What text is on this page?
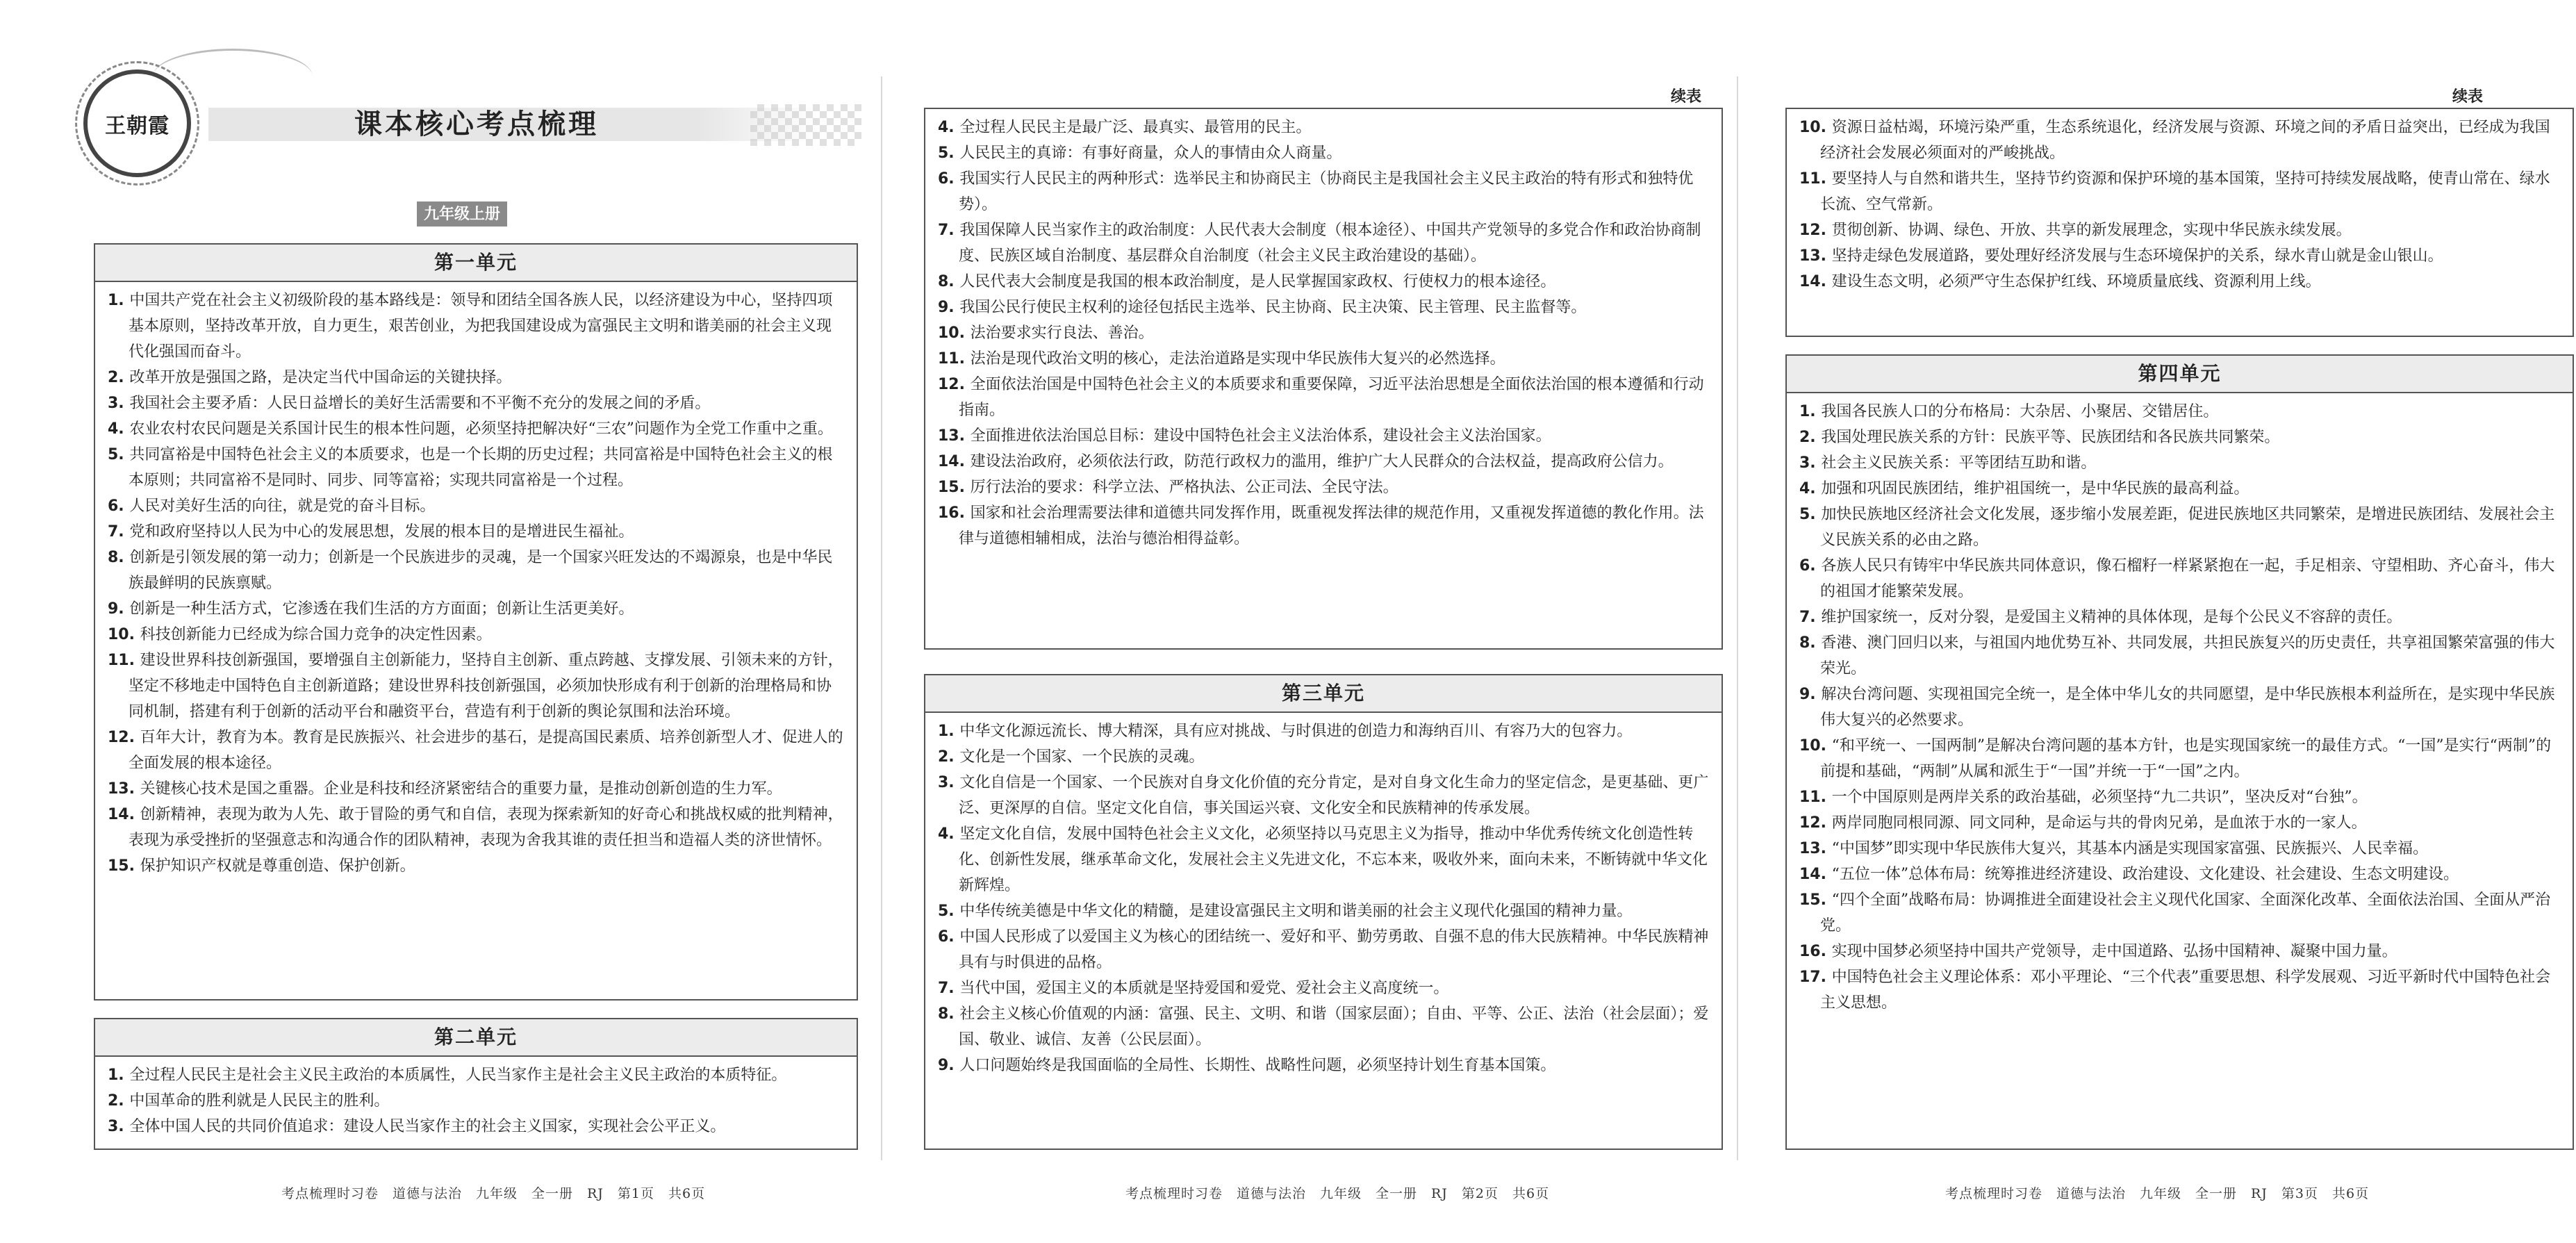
王朝霞	课本核心考点梳理
九年级上册
第一单元
1. 中国共产党在社会主义初级阶段的基本路线是：领导和团结全国各族人民，以经济建设为中心，坚持四项基本原则，坚持改革开放，自力更生，艰苦创业，为把我国建设成为富强民主文明和谐美丽的社会主义现代化强国而奋斗。
2. 改革开放是强国之路，是决定当代中国命运的关键抉择。
3. 我国社会主要矛盾：人民日益增长的美好生活需要和不平衡不充分的发展之间的矛盾。
4. 农业农村农民问题是关系国计民生的根本性问题，必须坚持把解决好“三农”问题作为全党工作重中之重。
5. 共同富裕是中国特色社会主义的本质要求，也是一个长期的历史过程；共同富裕是中国特色社会主义的根本原则；共同富裕不是同时、同步、同等富裕；实现共同富裕是一个过程。
6. 人民对美好生活的向往，就是党的奋斗目标。
7. 党和政府坚持以人民为中心的发展思想，发展的根本目的是增进民生福祉。
8. 创新是引领发展的第一动力；创新是一个民族进步的灵魂，是一个国家兴旺发达的不竭源泉，也是中华民族最鲜明的民族禀赋。
9. 创新是一种生活方式，它渗透在我们生活的方方面面；创新让生活更美好。
10. 科技创新能力已经成为综合国力竞争的决定性因素。
11. 建设世界科技创新强国，要增强自主创新能力，坚持自主创新、重点跨越、支撑发展、引领未来的方针，坚定不移地走中国特色自主创新道路；建设世界科技创新强国，必须加快形成有利于创新的治理格局和协同机制，搭建有利于创新的活动平台和融资平台，营造有利于创新的舆论氛围和法治环境。
12. 百年大计，教育为本。教育是民族振兴、社会进步的基石，是提高国民素质、培养创新型人才、促进人的全面发展的根本途径。
13. 关键核心技术是国之重器。企业是科技和经济紧密结合的重要力量，是推动创新创造的生力军。
14. 创新精神，表现为敢为人先、敢于冒险的勇气和自信，表现为探索新知的好奇心和挑战权威的批判精神，表现为承受挫折的坚强意志和沟通合作的团队精神，表现为舍我其谁的责任担当和造福人类的济世情怀。
15. 保护知识产权就是尊重创造、保护创新。
第二单元
1. 全过程人民民主是社会主义民主政治的本质属性，人民当家作主是社会主义民主政治的本质特征。
2. 中国革命的胜利就是人民民主的胜利。
3. 全体中国人民的共同价值追求：建设人民当家作主的社会主义国家，实现社会公平正义。
考点梳理时习卷　道德与法治　九年级　全一册　RJ　第1页　共6页
续表
4. 全过程人民民主是最广泛、最真实、最管用的民主。
5. 人民民主的真谛：有事好商量，众人的事情由众人商量。
6. 我国实行人民民主的两种形式：选举民主和协商民主（协商民主是我国社会主义民主政治的特有形式和独特优势）。
7. 我国保障人民当家作主的政治制度：人民代表大会制度（根本途径）、中国共产党领导的多党合作和政治协商制度、民族区域自治制度、基层群众自治制度（社会主义民主政治建设的基础）。
8. 人民代表大会制度是我国的根本政治制度，是人民掌握国家政权、行使权力的根本途径。
9. 我国公民行使民主权利的途径包括民主选举、民主协商、民主决策、民主管理、民主监督等。
10. 法治要求实行良法、善治。
11. 法治是现代政治文明的核心，走法治道路是实现中华民族伟大复兴的必然选择。
12. 全面依法治国是中国特色社会主义的本质要求和重要保障，习近平法治思想是全面依法治国的根本遵循和行动指南。
13. 全面推进依法治国总目标：建设中国特色社会主义法治体系，建设社会主义法治国家。
14. 建设法治政府，必须依法行政，防范行政权力的滥用，维护广大人民群众的合法权益，提高政府公信力。
15. 厉行法治的要求：科学立法、严格执法、公正司法、全民守法。
16. 国家和社会治理需要法律和道德共同发挥作用，既重视发挥法律的规范作用，又重视发挥道德的教化作用。法律与道德相辅相成，法治与德治相得益彰。
第三单元
1. 中华文化源远流长、博大精深，具有应对挑战、与时俱进的创造力和海纳百川、有容乃大的包容力。
2. 文化是一个国家、一个民族的灵魂。
3. 文化自信是一个国家、一个民族对自身文化价值的充分肯定，是对自身文化生命力的坚定信念，是更基础、更广泛、更深厚的自信。坚定文化自信，事关国运兴衰、文化安全和民族精神的传承发展。
4. 坚定文化自信，发展中国特色社会主义文化，必须坚持以马克思主义为指导，推动中华优秀传统文化创造性转化、创新性发展，继承革命文化，发展社会主义先进文化，不忘本来，吸收外来，面向未来，不断铸就中华文化新辉煌。
5. 中华传统美德是中华文化的精髓，是建设富强民主文明和谐美丽的社会主义现代化强国的精神力量。
6. 中国人民形成了以爱国主义为核心的团结统一、爱好和平、勤劳勇敢、自强不息的伟大民族精神。中华民族精神具有与时俱进的品格。
7. 当代中国，爱国主义的本质就是坚持爱国和爱党、爱社会主义高度统一。
8. 社会主义核心价值观的内涵：富强、民主、文明、和谐（国家层面）；自由、平等、公正、法治（社会层面）；爱国、敬业、诚信、友善（公民层面）。
9. 人口问题始终是我国面临的全局性、长期性、战略性问题，必须坚持计划生育基本国策。
考点梳理时习卷　道德与法治　九年级　全一册　RJ　第2页　共6页
续表
10. 资源日益枯竭，环境污染严重，生态系统退化，经济发展与资源、环境之间的矛盾日益突出，已经成为我国经济社会发展必须面对的严峻挑战。
11. 要坚持人与自然和谐共生，坚持节约资源和保护环境的基本国策，坚持可持续发展战略，使青山常在、绿水长流、空气常新。
12. 贯彻创新、协调、绿色、开放、共享的新发展理念，实现中华民族永续发展。
13. 坚持走绿色发展道路，要处理好经济发展与生态环境保护的关系，绿水青山就是金山银山。
14. 建设生态文明，必须严守生态保护红线、环境质量底线、资源利用上线。
第四单元
1. 我国各民族人口的分布格局：大杂居、小聚居、交错居住。
2. 我国处理民族关系的方针：民族平等、民族团结和各民族共同繁荣。
3. 社会主义民族关系：平等团结互助和谐。
4. 加强和巩固民族团结，维护祖国统一，是中华民族的最高利益。
5. 加快民族地区经济社会文化发展，逐步缩小发展差距，促进民族地区共同繁荣，是增进民族团结、发展社会主义民族关系的必由之路。
6. 各族人民只有铸牢中华民族共同体意识，像石榴籽一样紧紧抱在一起，手足相亲、守望相助、齐心奋斗，伟大的祖国才能繁荣发展。
7. 维护国家统一，反对分裂，是爱国主义精神的具体体现，是每个公民义不容辞的责任。
8. 香港、澳门回归以来，与祖国内地优势互补、共同发展，共担民族复兴的历史责任，共享祖国繁荣富强的伟大荣光。
9. 解决台湾问题、实现祖国完全统一，是全体中华儿女的共同愿望，是中华民族根本利益所在，是实现中华民族伟大复兴的必然要求。
10. “和平统一、一国两制”是解决台湾问题的基本方针，也是实现国家统一的最佳方式。“一国”是实行“两制”的前提和基础，“两制”从属和派生于“一国”并统一于“一国”之内。
11. 一个中国原则是两岸关系的政治基础，必须坚持“九二共识”，坚决反对“台独”。
12. 两岸同胞同根同源、同文同种，是命运与共的骨肉兄弟，是血浓于水的一家人。
13. “中国梦”即实现中华民族伟大复兴，其基本内涵是实现国家富强、民族振兴、人民幸福。
14. “五位一体”总体布局：统筹推进经济建设、政治建设、文化建设、社会建设、生态文明建设。
15. “四个全面”战略布局：协调推进全面建设社会主义现代化国家、全面深化改革、全面依法治国、全面从严治党。
16. 实现中国梦必须坚持中国共产党领导，走中国道路、弘扬中国精神、凝聚中国力量。
17. 中国特色社会主义理论体系：邓小平理论、“三个代表”重要思想、科学发展观、习近平新时代中国特色社会主义思想。
考点梳理时习卷　道德与法治　九年级　全一册　RJ　第3页　共6页
